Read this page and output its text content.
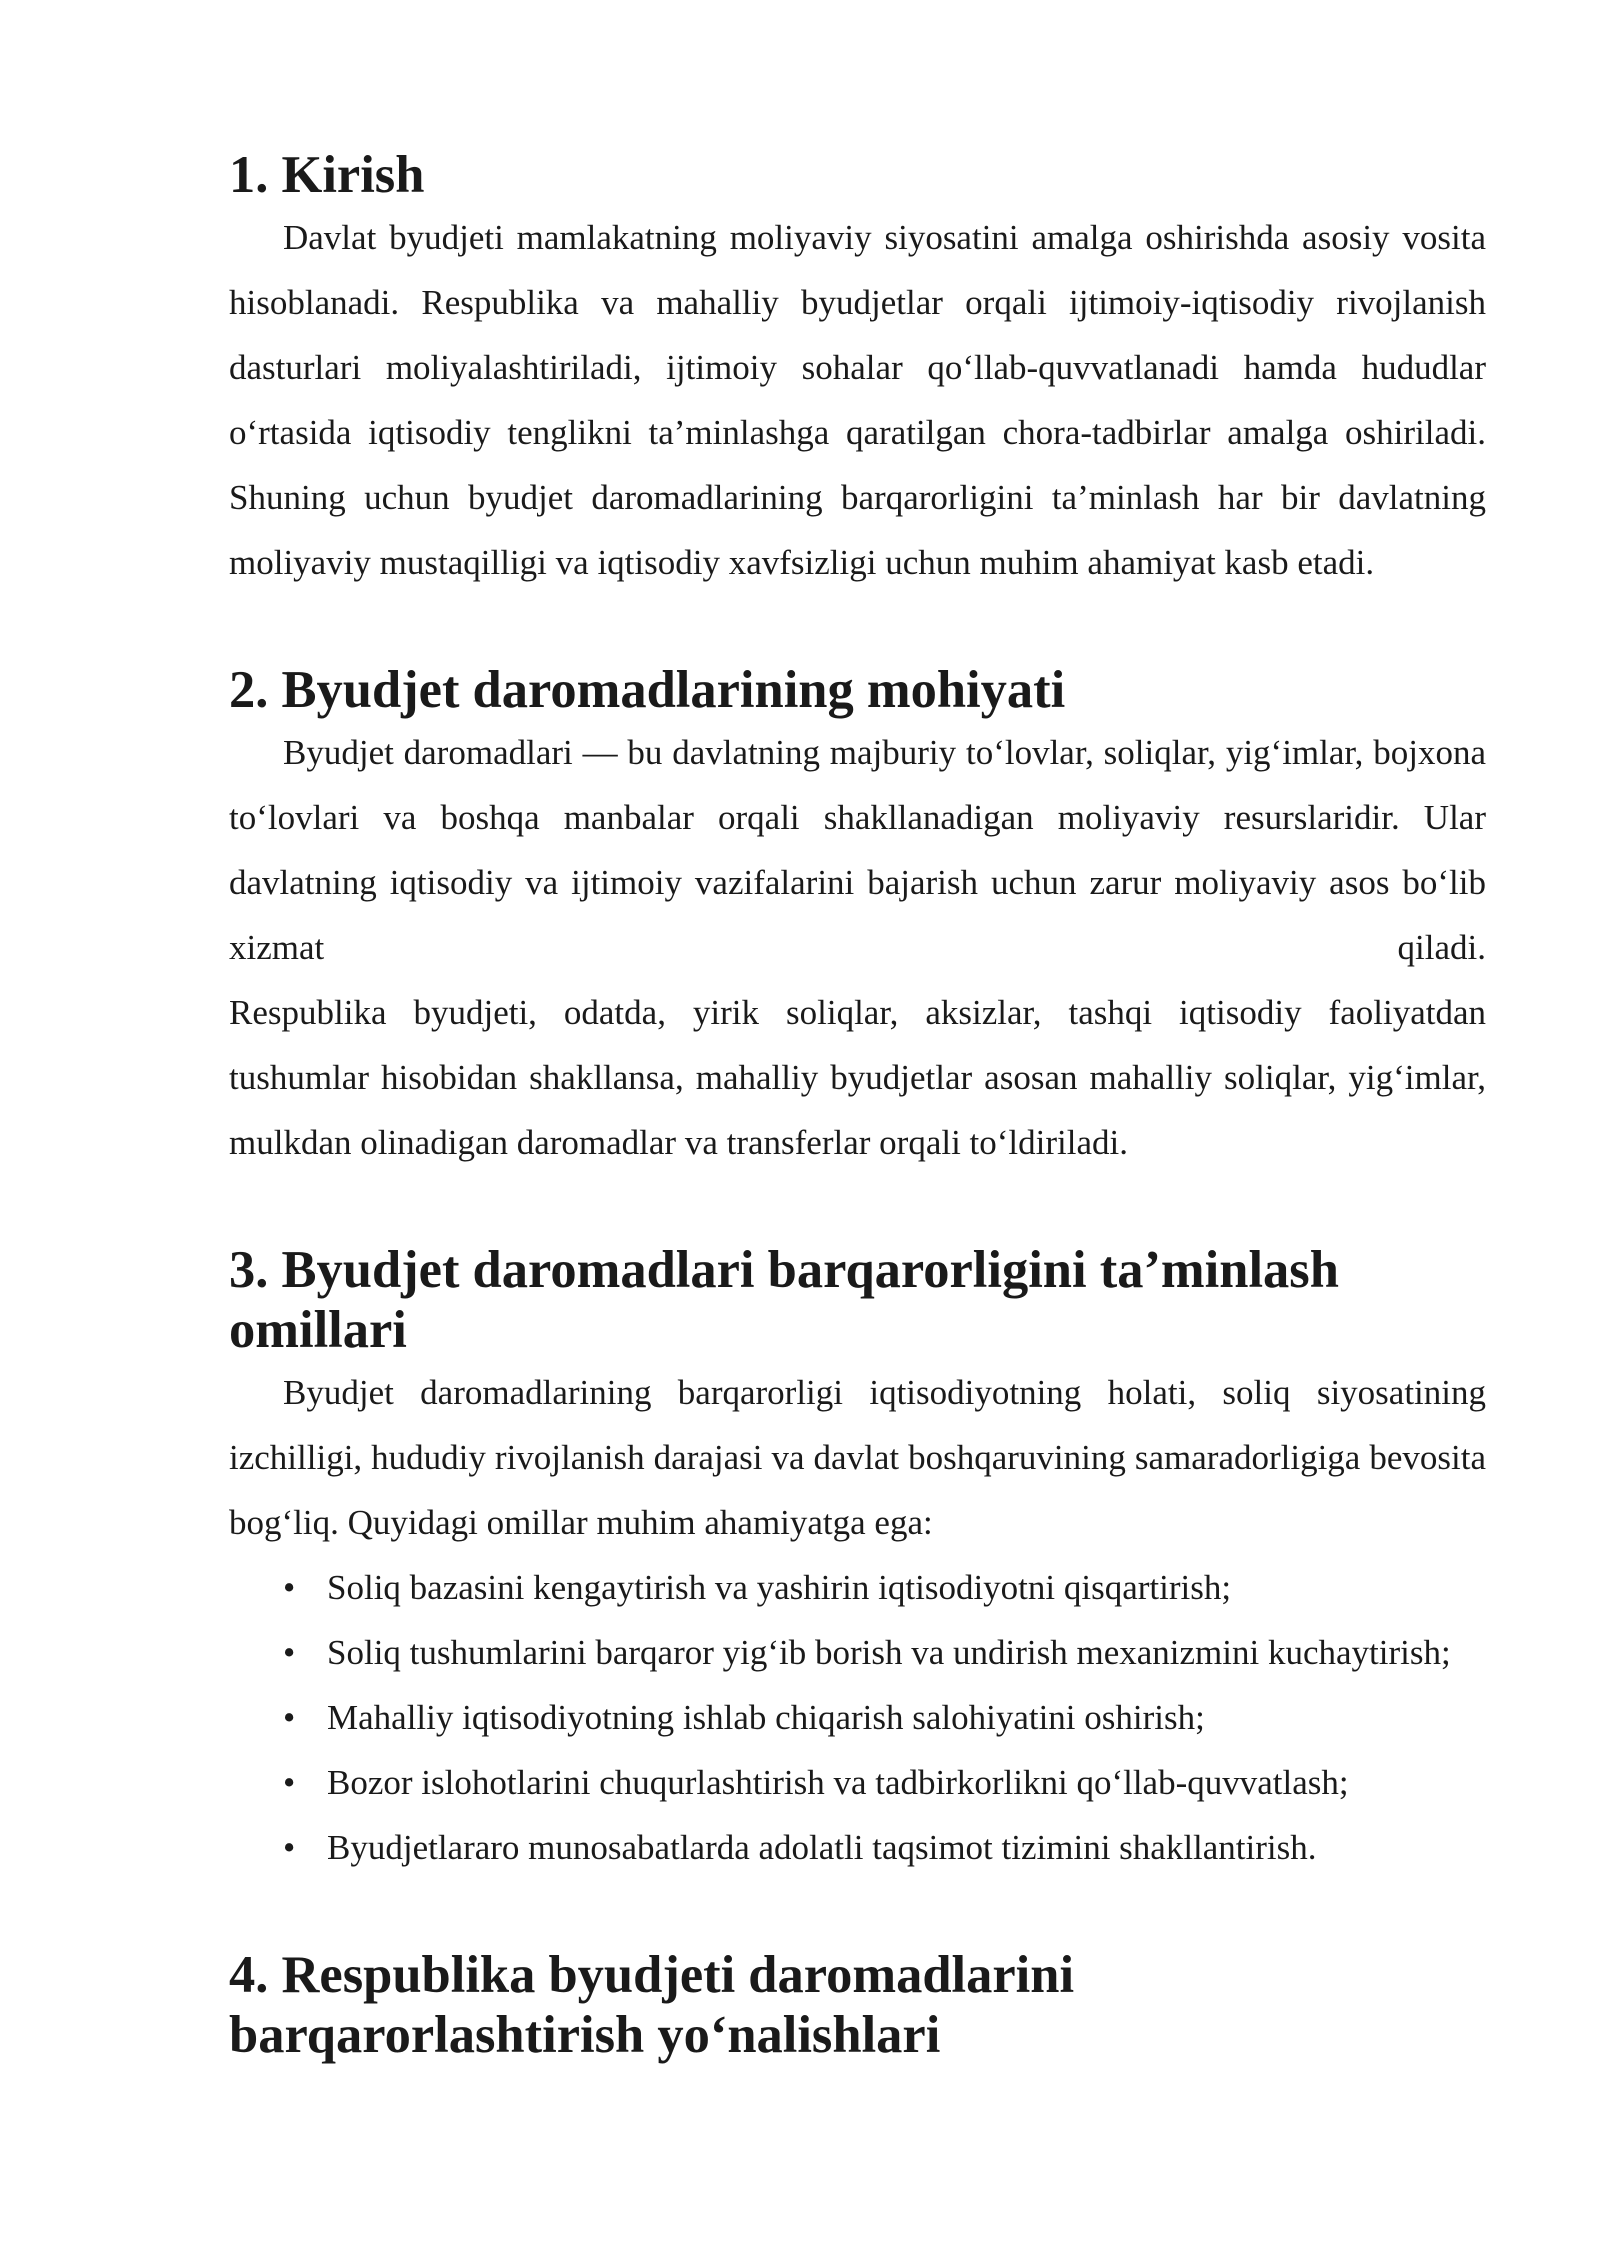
1. Kirish

Davlat byudjeti mamlakatning moliyaviy siyosatini amalga oshirishda asosiy vosita hisoblanadi. Respublika va mahalliy byudjetlar orqali ijtimoiy-iqtisodiy rivojlanish dasturlari moliyalashtiriladi, ijtimoiy sohalar qo‘llab-quvvatlanadi hamda hududlar o‘rtasida iqtisodiy tenglikni ta’minlashga qaratilgan chora-tadbirlar amalga oshiriladi. Shuning uchun byudjet daromadlarining barqarorligini ta’minlash har bir davlatning moliyaviy mustaqilligi va iqtisodiy xavfsizligi uchun muhim ahamiyat kasb etadi.

2. Byudjet daromadlarining mohiyati

Byudjet daromadlari — bu davlatning majburiy to‘lovlar, soliqlar, yig‘imlar, bojxona to‘lovlari va boshqa manbalar orqali shakllanadigan moliyaviy resurslaridir. Ular davlatning iqtisodiy va ijtimoiy vazifalarini bajarish uchun zarur moliyaviy asos bo‘lib xizmat qiladi.

Respublika byudjeti, odatda, yirik soliqlar, aksizlar, tashqi iqtisodiy faoliyatdan tushumlar hisobidan shakllansa, mahalliy byudjetlar asosan mahalliy soliqlar, yig‘imlar, mulkdan olinadigan daromadlar va transferlar orqali to‘ldiriladi.

3. Byudjet daromadlari barqarorligini ta’minlash omillari

Byudjet daromadlarining barqarorligi iqtisodiyotning holati, soliq siyosatining izchilligi, hududiy rivojlanish darajasi va davlat boshqaruvining samaradorligiga bevosita bog‘liq. Quyidagi omillar muhim ahamiyatga ega:

• Soliq bazasini kengaytirish va yashirin iqtisodiyotni qisqartirish;
• Soliq tushumlarini barqaror yig‘ib borish va undirish mexanizmini kuchaytirish;
• Mahalliy iqtisodiyotning ishlab chiqarish salohiyatini oshirish;
• Bozor islohotlarini chuqurlashtirish va tadbirkorlikni qo‘llab-quvvatlash;
• Byudjetlararo munosabatlarda adolatli taqsimot tizimini shakllantirish.
4. Respublika byudjeti daromadlarini barqarorlashtirish yo‘nalishlari
